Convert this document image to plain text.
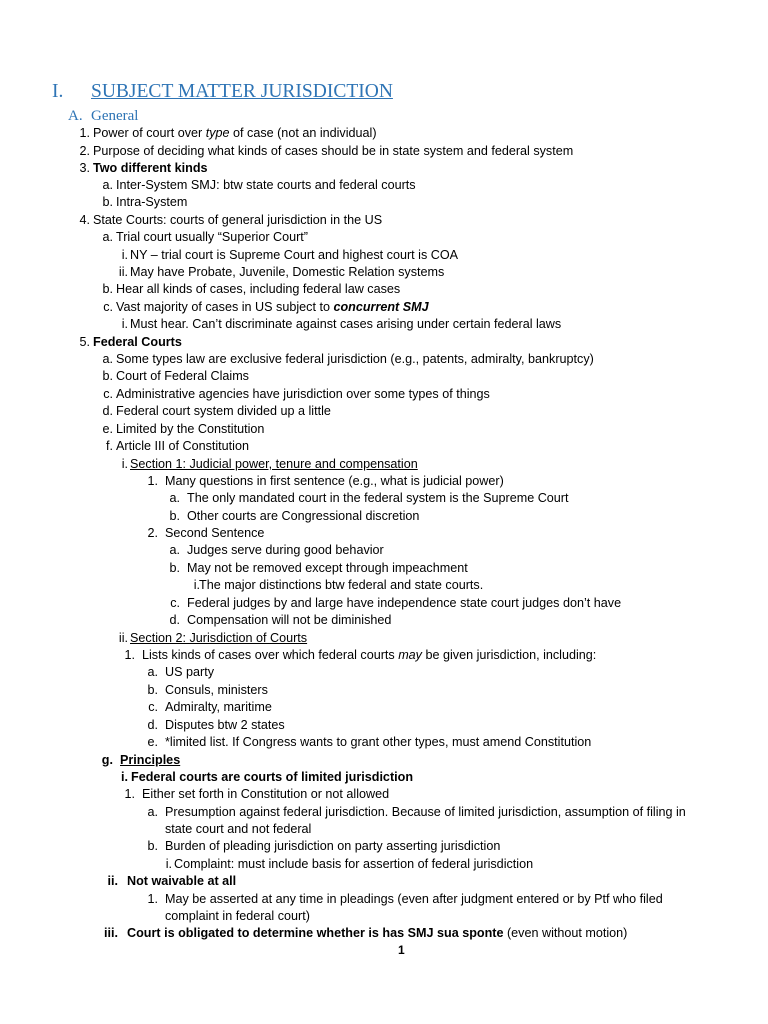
I. SUBJECT MATTER JURISDICTION
A. General
1. Power of court over type of case (not an individual)
2. Purpose of deciding what kinds of cases should be in state system and federal system
3. Two different kinds
a. Inter-System SMJ: btw state courts and federal courts
b. Intra-System
4. State Courts: courts of general jurisdiction in the US
a. Trial court usually “Superior Court”
i. NY – trial court is Supreme Court and highest court is COA
ii. May have Probate, Juvenile, Domestic Relation systems
b. Hear all kinds of cases, including federal law cases
c. Vast majority of cases in US subject to concurrent SMJ
i. Must hear. Can’t discriminate against cases arising under certain federal laws
5. Federal Courts
a. Some types law are exclusive federal jurisdiction (e.g., patents, admiralty, bankruptcy)
b. Court of Federal Claims
c. Administrative agencies have jurisdiction over some types of things
d. Federal court system divided up a little
e. Limited by the Constitution
f. Article III of Constitution
i. Section 1: Judicial power, tenure and compensation
1. Many questions in first sentence (e.g., what is judicial power)
a. The only mandated court in the federal system is the Supreme Court
b. Other courts are Congressional discretion
2. Second Sentence
a. Judges serve during good behavior
b. May not be removed except through impeachment
i. The major distinctions btw federal and state courts.
c. Federal judges by and large have independence state court judges don’t have
d. Compensation will not be diminished
ii. Section 2: Jurisdiction of Courts
1. Lists kinds of cases over which federal courts may be given jurisdiction, including:
a. US party
b. Consuls, ministers
c. Admiralty, maritime
d. Disputes btw 2 states
e. *limited list. If Congress wants to grant other types, must amend Constitution
g. Principles
i. Federal courts are courts of limited jurisdiction
1. Either set forth in Constitution or not allowed
a. Presumption against federal jurisdiction. Because of limited jurisdiction, assumption of filing in
state court and not federal
b. Burden of pleading jurisdiction on party asserting jurisdiction
i. Complaint: must include basis for assertion of federal jurisdiction
ii. Not waivable at all
1. May be asserted at any time in pleadings (even after judgment entered or by Ptf who filed
complaint in federal court)
iii. Court is obligated to determine whether is has SMJ sua sponte (even without motion)
1
